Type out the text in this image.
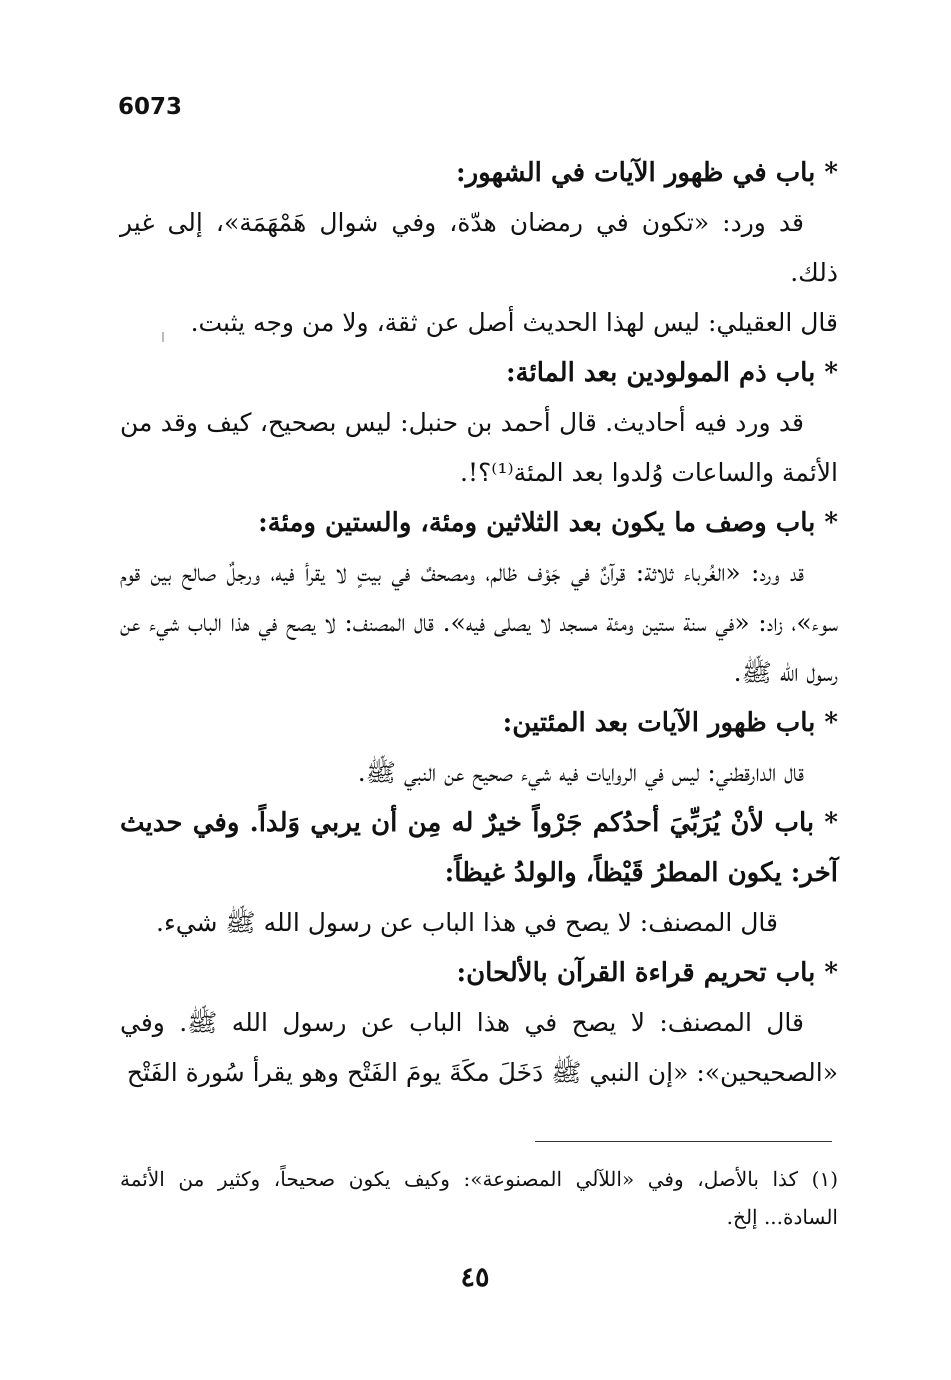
6073

* باب في ظهور الآيات في الشهور:

قد ورد: «تكون في رمضان هدّة، وفي شوال هَمْهَمَة»، إلى غير ذلك.

قال العقيلي: ليس لهذا الحديث أصل عن ثقة، ولا من وجه يثبت.

* باب ذم المولودين بعد المائة:

قد ورد فيه أحاديث. قال أحمد بن حنبل: ليس بصحيح، كيف وقد من الأئمة والساعات وُلدوا بعد المئة⁽¹⁾؟!.

* باب وصف ما يكون بعد الثلاثين ومئة، والستين ومئة:

قد ورد: «الغُرباء ثلاثة: قرآنٌ في جَوْف ظالم، ومصحفٌ في بيتٍ لا يقرأ فيه، ورجلٌ صالح بين قوم سوء»، زاد: «في سنة ستين ومئة مسجد لا يصلى فيه». قال المصنف: لا يصح في هذا الباب شيء عن رسول الله ﷺ.

* باب ظهور الآيات بعد المئتين:

قال الدارقطني: ليس في الروايات فيه شيء صحيح عن النبي ﷺ.

* باب لأنْ يُرَبِّيَ أحدُكم جَرْواً خيرٌ له مِن أن يربي وَلداً. وفي حديث آخر: يكون المطرُ قَيْظاً، والولدُ غيظاً:

قال المصنف: لا يصح في هذا الباب عن رسول الله ﷺ شيء.

* باب تحريم قراءة القرآن بالألحان:

قال المصنف: لا يصح في هذا الباب عن رسول الله ﷺ. وفي «الصحيحين»: «إن النبي ﷺ دَخَلَ مكَةَ يومَ الفَتْح وهو يقرأ سُورة الفَتْح

(١) كذا بالأصل، وفي «اللآلي المصنوعة»: وكيف يكون صحيحاً، وكثير من الأئمة السادة... إلخ.
٤٥
